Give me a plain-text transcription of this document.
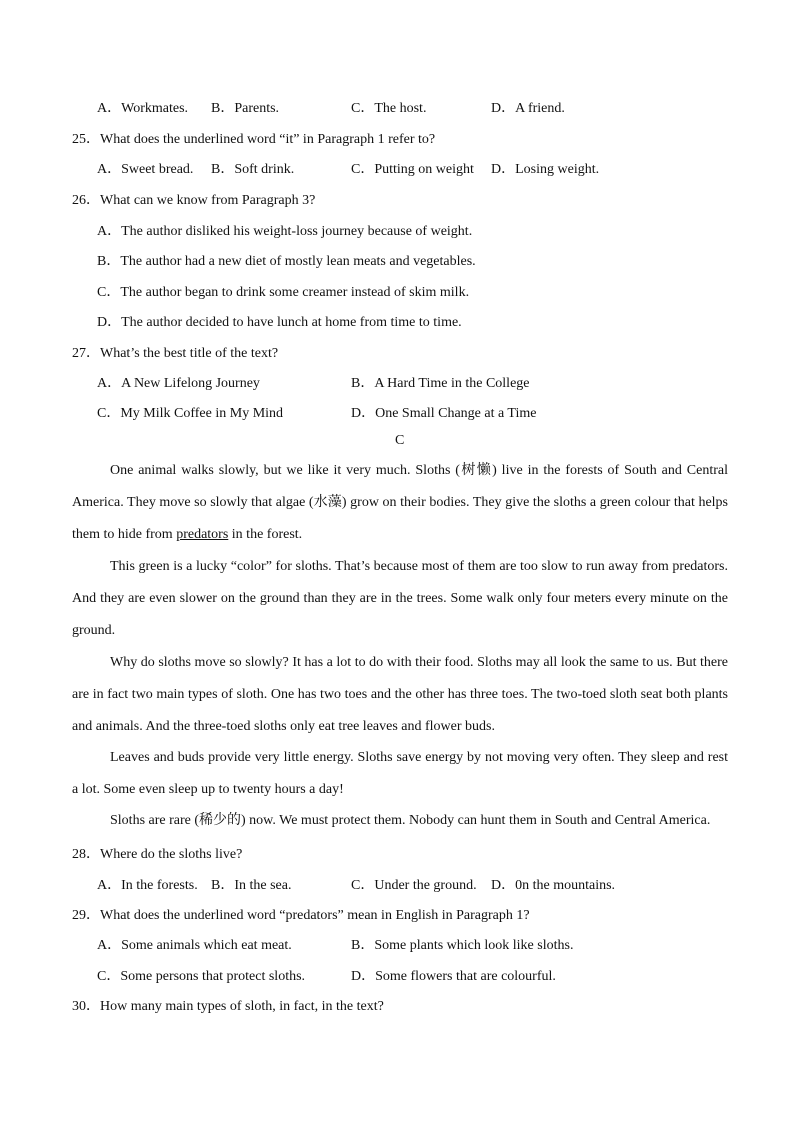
A．Workmates. B．Parents.	C．The host.	D．A friend.
25．What does the underlined word “it” in Paragraph 1 refer to?
A．Sweet bread. B．Soft drink.	C．Putting on weight D．Losing weight.
26．What can we know from Paragraph 3?
A．The author disliked his weight-loss journey because of weight.
B．The author had a new diet of mostly lean meats and vegetables.
C．The author began to drink some creamer instead of skim milk.
D．The author decided to have lunch at home from time to time.
27．What’s the best title of the text?
A．A New Lifelong Journey	B．A Hard Time in the College
C．My Milk Coffee in My Mind	D．One Small Change at a Time
C

One animal walks slowly, but we like it very much. Sloths (树懒) live in the forests of South and Central America. They move so slowly that algae (水藻) grow on their bodies. They give the sloths a green colour that helps them to hide from predators in the forest.

This green is a lucky “color” for sloths. That’s because most of them are too slow to run away from predators. And they are even slower on the ground than they are in the trees. Some walk only four meters every minute on the ground.

Why do sloths move so slowly? It has a lot to do with their food. Sloths may all look the same to us. But there are in fact two main types of sloth. One has two toes and the other has three toes. The two-toed sloth seat both plants and animals. And the three-toed sloths only eat tree leaves and flower buds.

Leaves and buds provide very little energy. Sloths save energy by not moving very often. They sleep and rest a lot. Some even sleep up to twenty hours a day!

Sloths are rare (稀少的) now. We must protect them. Nobody can hunt them in South and Central America.

28．Where do the sloths live?
A．In the forests. B．In the sea.	C．Under the ground. D．0n the mountains.
29．What does the underlined word “predators” mean in English in Paragraph 1?
A．Some animals which eat meat.	B．Some plants which look like sloths.
C．Some persons that protect sloths.	D．Some flowers that are colourful.
30．How many main types of sloth, in fact, in the text?
